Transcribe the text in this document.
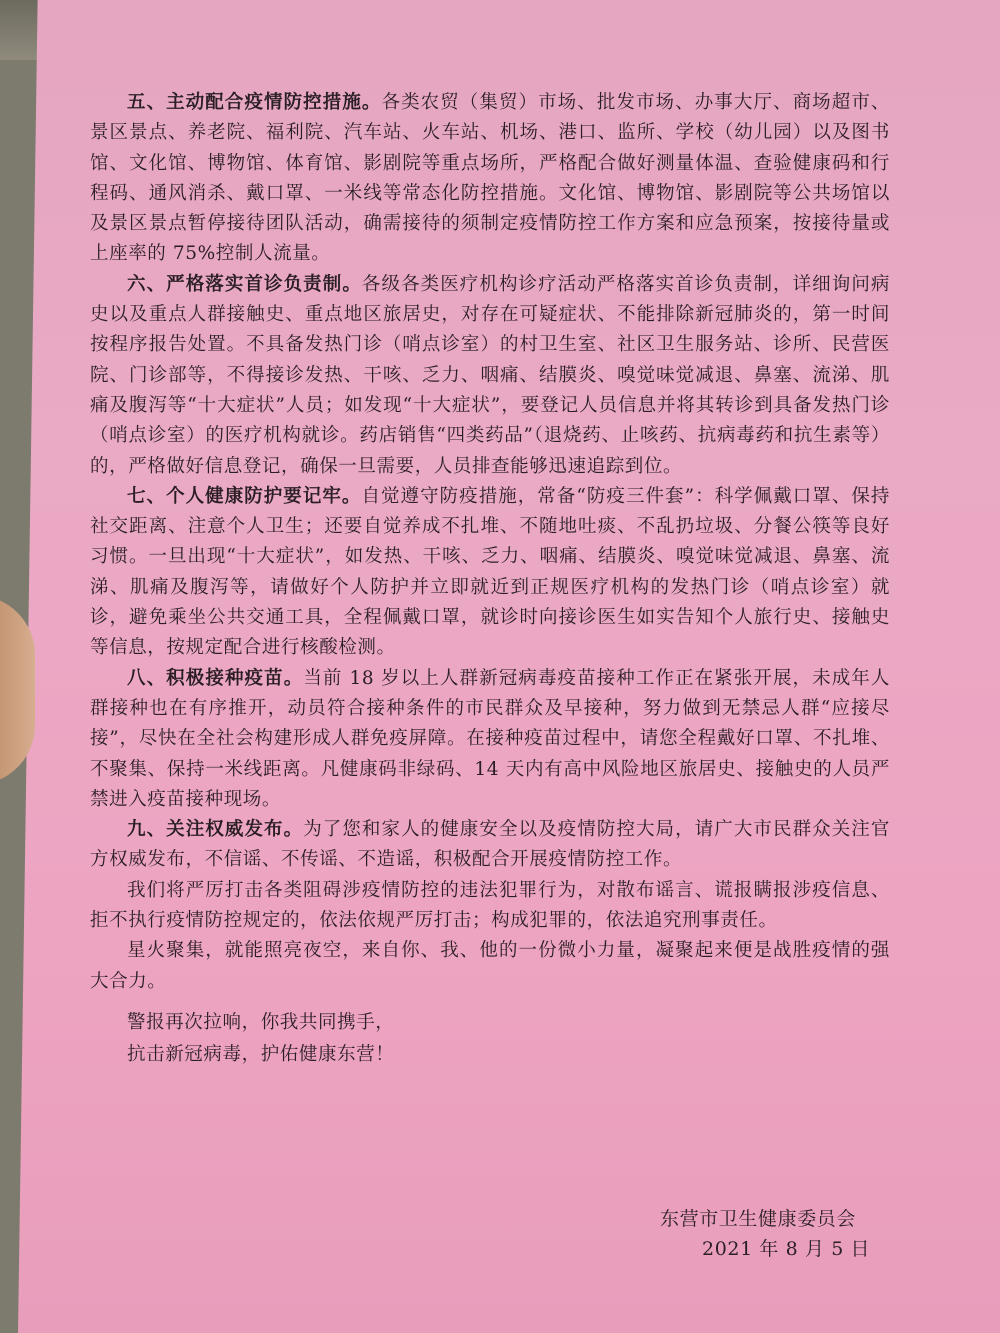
五、主动配合疫情防控措施。各类农贸（集贸）市场、批发市场、办事大厅、商场超市、景区景点、养老院、福利院、汽车站、火车站、机场、港口、监所、学校（幼儿园）以及图书馆、文化馆、博物馆、体育馆、影剧院等重点场所，严格配合做好测量体温、查验健康码和行程码、通风消杀、戴口罩、一米线等常态化防控措施。文化馆、博物馆、影剧院等公共场馆以及景区景点暂停接待团队活动，确需接待的须制定疫情防控工作方案和应急预案，按接待量或上座率的 75%控制人流量。

六、严格落实首诊负责制。各级各类医疗机构诊疗活动严格落实首诊负责制，详细询问病史以及重点人群接触史、重点地区旅居史，对存在可疑症状、不能排除新冠肺炎的，第一时间按程序报告处置。不具备发热门诊（哨点诊室）的村卫生室、社区卫生服务站、诊所、民营医院、门诊部等，不得接诊发热、干咳、乏力、咽痛、结膜炎、嗅觉味觉减退、鼻塞、流涕、肌痛及腹泻等“十大症状”人员；如发现“十大症状”，要登记人员信息并将其转诊到具备发热门诊（哨点诊室）的医疗机构就诊。药店销售“四类药品”（退烧药、止咳药、抗病毒药和抗生素等）的，严格做好信息登记，确保一旦需要，人员排查能够迅速追踪到位。

七、个人健康防护要记牢。自觉遵守防疫措施，常备“防疫三件套”：科学佩戴口罩、保持社交距离、注意个人卫生；还要自觉养成不扎堆、不随地吐痰、不乱扔垃圾、分餐公筷等良好习惯。一旦出现“十大症状”，如发热、干咳、乏力、咽痛、结膜炎、嗅觉味觉减退、鼻塞、流涕、肌痛及腹泻等，请做好个人防护并立即就近到正规医疗机构的发热门诊（哨点诊室）就诊，避免乘坐公共交通工具，全程佩戴口罩，就诊时向接诊医生如实告知个人旅行史、接触史等信息，按规定配合进行核酸检测。

八、积极接种疫苗。当前 18 岁以上人群新冠病毒疫苗接种工作正在紧张开展，未成年人群接种也在有序推开，动员符合接种条件的市民群众及早接种，努力做到无禁忌人群“应接尽接”，尽快在全社会构建形成人群免疫屏障。在接种疫苗过程中，请您全程戴好口罩、不扎堆、不聚集、保持一米线距离。凡健康码非绿码、14 天内有高中风险地区旅居史、接触史的人员严禁进入疫苗接种现场。

九、关注权威发布。为了您和家人的健康安全以及疫情防控大局，请广大市民群众关注官方权威发布，不信谣、不传谣、不造谣，积极配合开展疫情防控工作。

我们将严厉打击各类阻碍涉疫情防控的违法犯罪行为，对散布谣言、谎报瞒报涉疫信息、拒不执行疫情防控规定的，依法依规严厉打击；构成犯罪的，依法追究刑事责任。

星火聚集，就能照亮夜空，来自你、我、他的一份微小力量，凝聚起来便是战胜疫情的强大合力。

警报再次拉响，你我共同携手，

抗击新冠病毒，护佑健康东营！

东营市卫生健康委员会
2021 年 8 月 5 日
